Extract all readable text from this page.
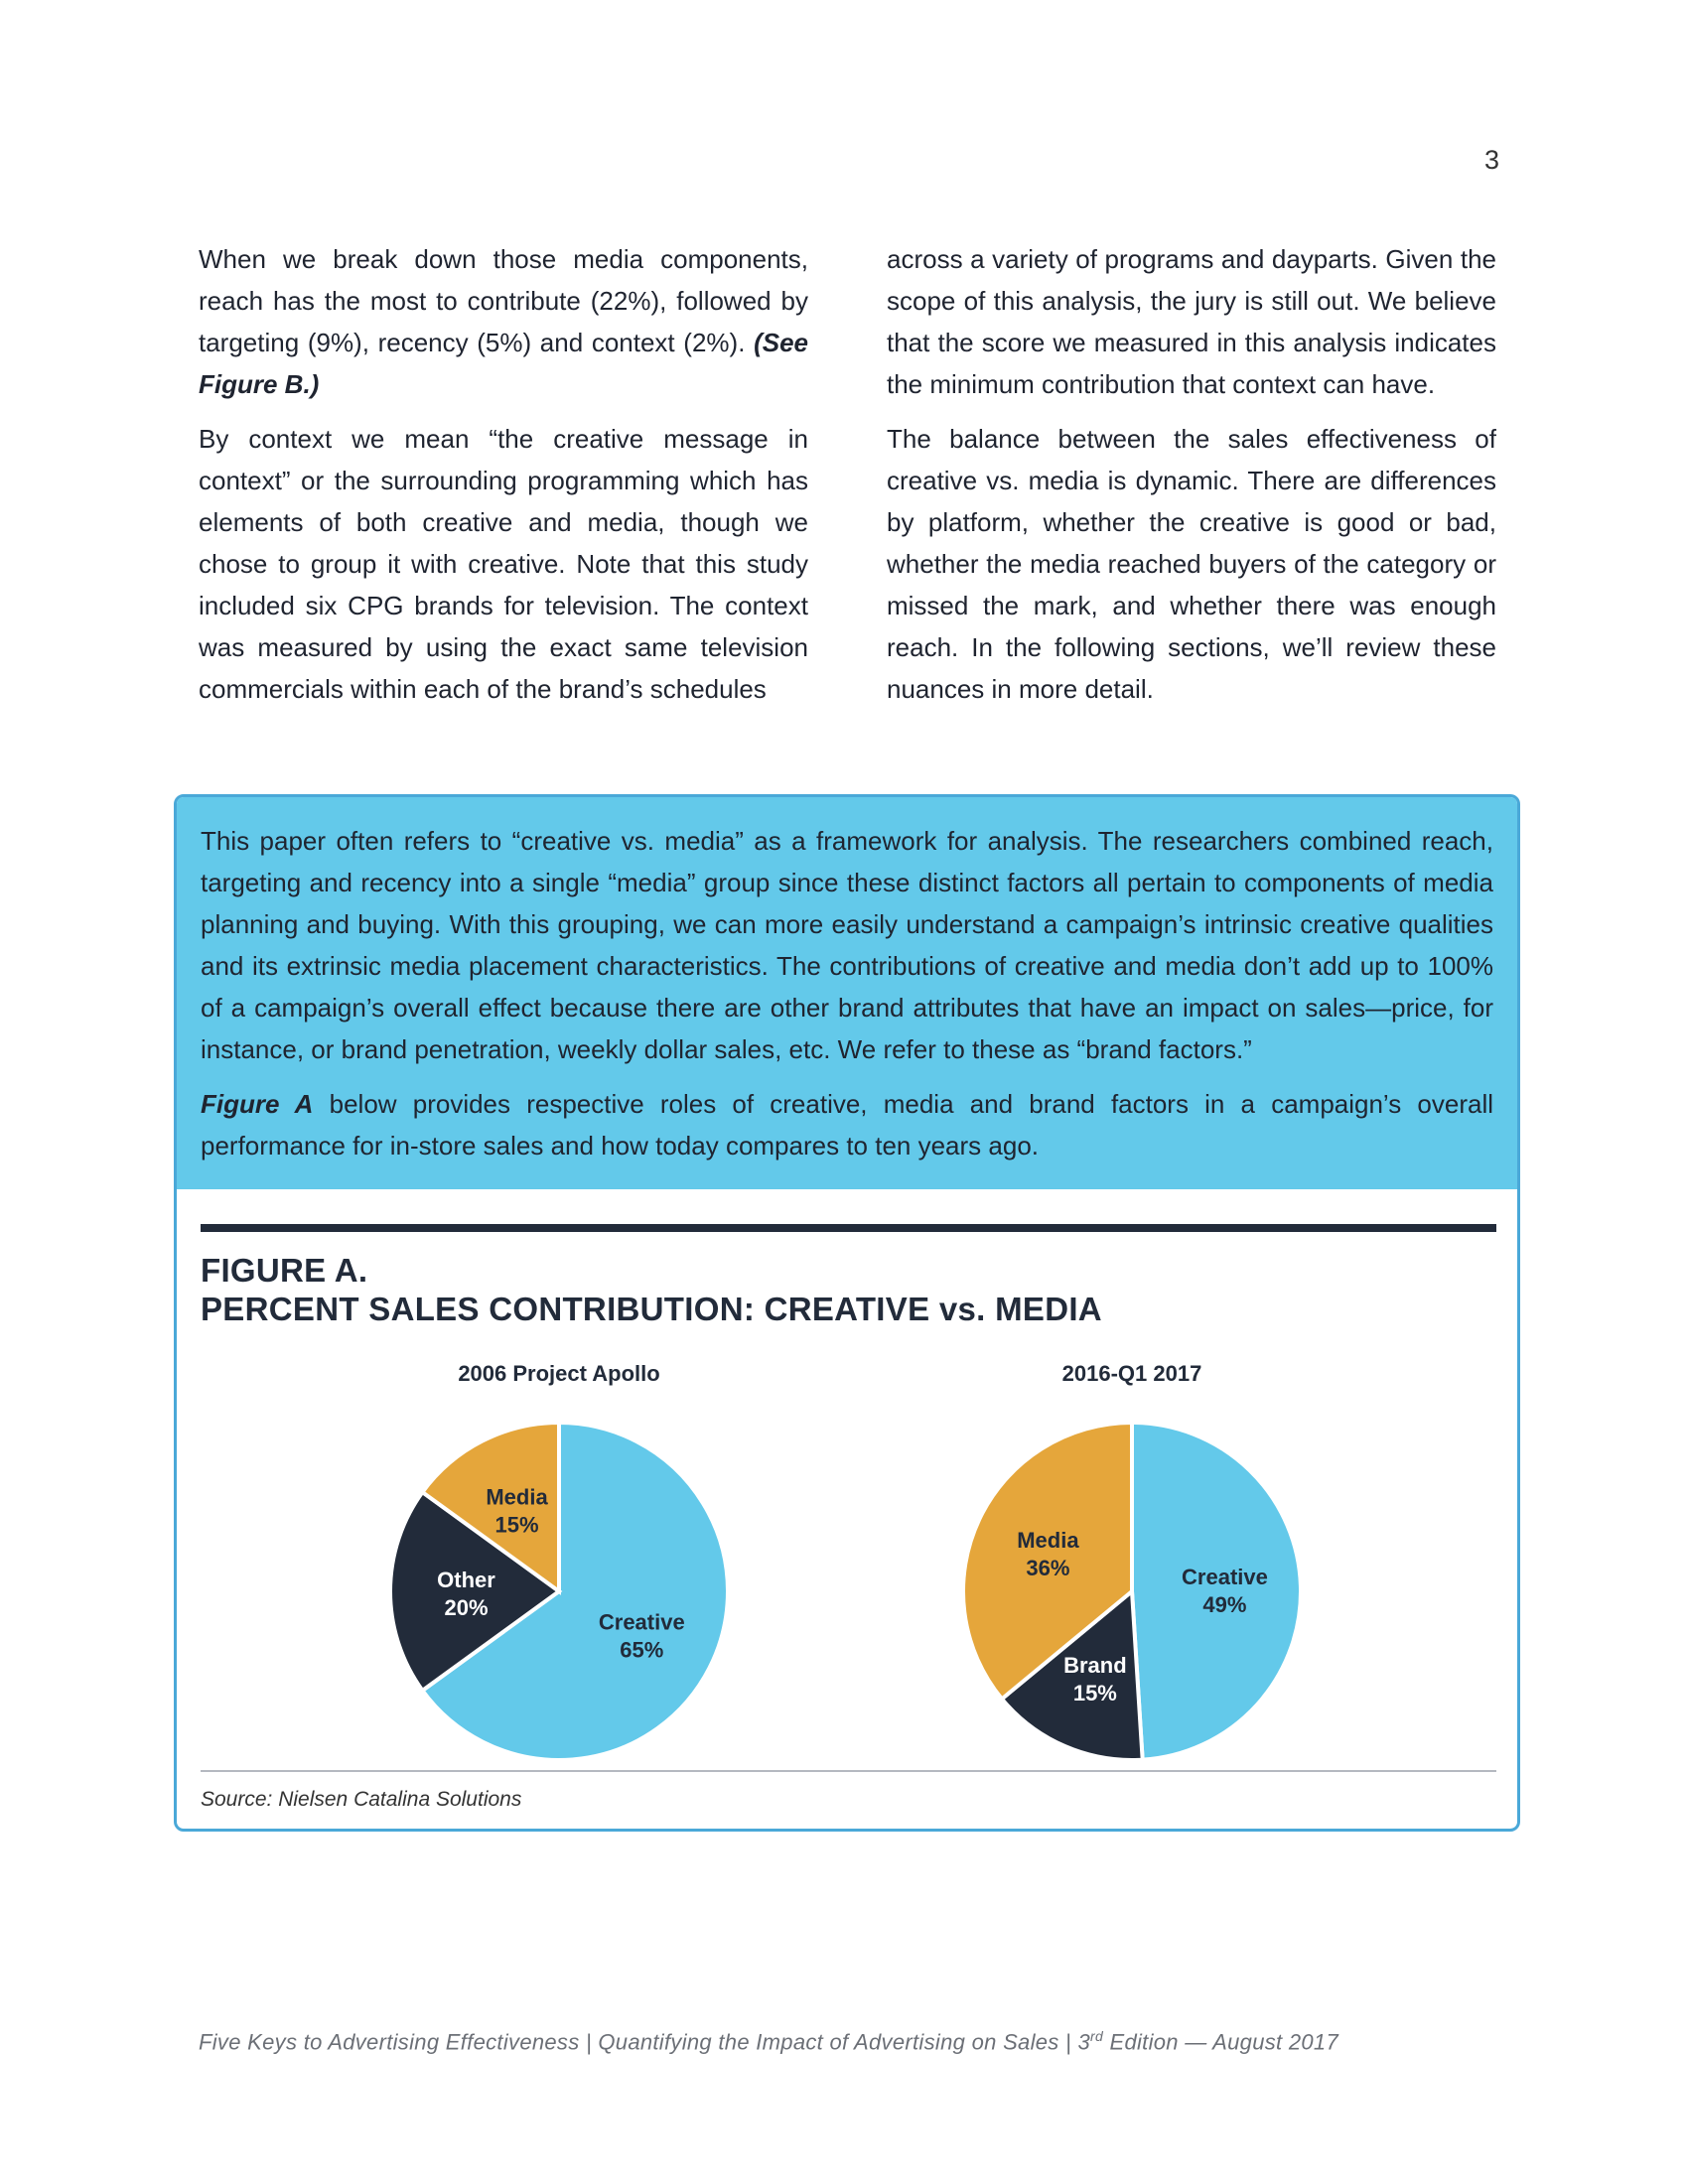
3

When we break down those media components, reach has the most to contribute (22%), followed by targeting (9%), recency (5%) and context (2%). (See Figure B.)

By context we mean “the creative message in context” or the surrounding programming which has elements of both creative and media, though we chose to group it with creative. Note that this study included six CPG brands for television. The context was measured by using the exact same television commercials within each of the brand’s schedules

across a variety of programs and dayparts. Given the scope of this analysis, the jury is still out. We believe that the score we measured in this analysis indicates the minimum contribution that context can have.

The balance between the sales effectiveness of creative vs. media is dynamic. There are differences by platform, whether the creative is good or bad, whether the media reached buyers of the category or missed the mark, and whether there was enough reach. In the following sections, we’ll review these nuances in more detail.

This paper often refers to “creative vs. media” as a framework for analysis. The researchers combined reach, targeting and recency into a single “media” group since these distinct factors all pertain to components of media planning and buying. With this grouping, we can more easily understand a campaign’s intrinsic creative qualities and its extrinsic media placement characteristics. The contributions of creative and media don’t add up to 100% of a campaign’s overall effect because there are other brand attributes that have an impact on sales—price, for instance, or brand penetration, weekly dollar sales, etc. We refer to these as “brand factors.”

Figure A below provides respective roles of creative, media and brand factors in a campaign’s overall performance for in-store sales and how today compares to ten years ago.

FIGURE A.
PERCENT SALES CONTRIBUTION: CREATIVE vs. MEDIA
2006 Project Apollo
Creative
65%
Other
20%
Media
15%
2016-Q1 2017
Creative
49%
Brand
15%
Media
36%
Source: Nielsen Catalina Solutions
Five Keys to Advertising Effectiveness | Quantifying the Impact of Advertising on Sales | 3rd Edition — August 2017
